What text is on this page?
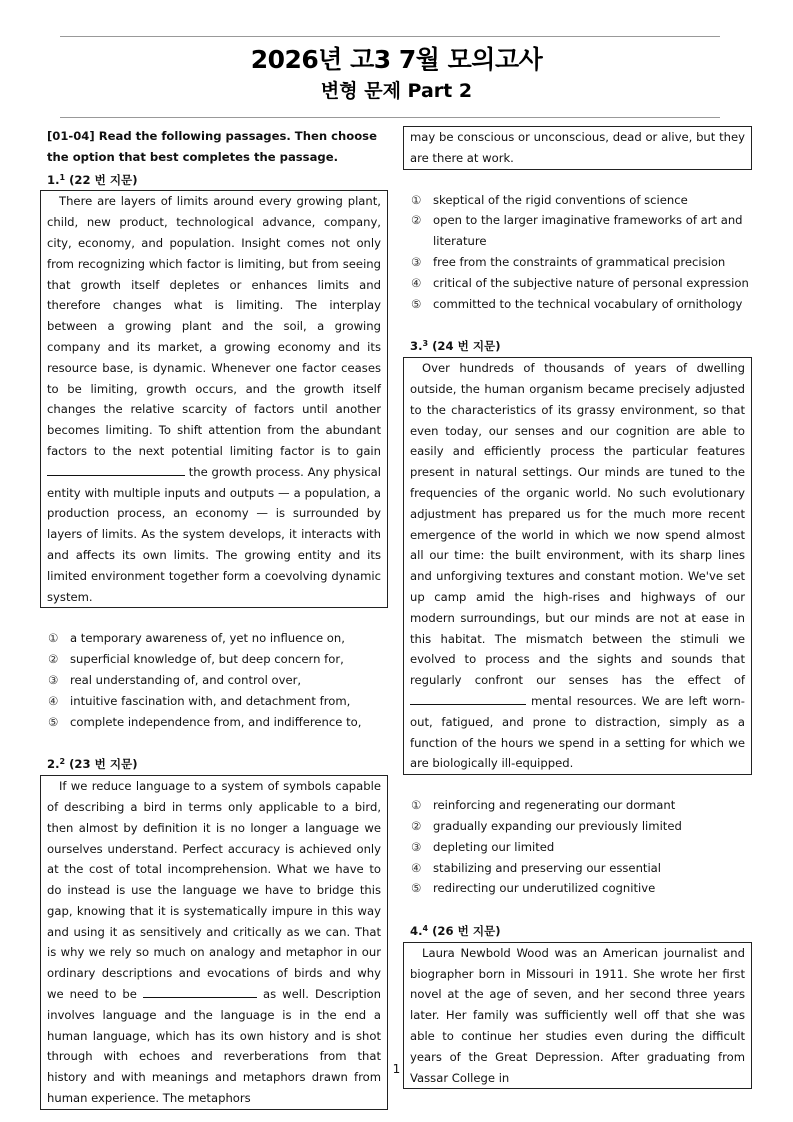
2026년 고3 7월 모의고사
변형 문제 Part 2
[01-04] Read the following passages. Then choose the option that best completes the passage.
1.$^1$ (22 번 지문)

There are layers of limits around every growing plant, child, new product, technological advance, company, city, economy, and population. Insight comes not only from recognizing which factor is limiting, but from seeing that growth itself depletes or enhances limits and therefore changes what is limiting. The interplay between a growing plant and the soil, a growing company and its market, a growing economy and its resource base, is dynamic. Whenever one factor ceases to be limiting, growth occurs, and the growth itself changes the relative scarcity of factors until another becomes limiting. To shift attention from the abundant factors to the next potential limiting factor is to gain  the growth process. Any physical entity with multiple inputs and outputs — a population, a production process, an economy — is surrounded by layers of limits. As the system develops, it interacts with and affects its own limits. The growing entity and its limited environment together form a coevolving dynamic system.

① a temporary awareness of, yet no influence on,
② superficial knowledge of, but deep concern for,
③ real understanding of, and control over,
④ intuitive fascination with, and detachment from,
⑤ complete independence from, and indifference to,
2.$^2$ (23 번 지문)

If we reduce language to a system of symbols capable of describing a bird in terms only applicable to a bird, then almost by definition it is no longer a language we ourselves understand. Perfect accuracy is achieved only at the cost of total incomprehension. What we have to do instead is use the language we have to bridge this gap, knowing that it is systematically impure in this way and using it as sensitively and critically as we can. That is why we rely so much on analogy and metaphor in our ordinary descriptions and evocations of birds and why we need to be	as well. Description involves language and the language is in the end a human language, which has its own history and is shot through with echoes and reverberations from that history and with meanings and metaphors drawn from human experience. The metaphors

may be conscious or unconscious, dead or alive, but they are there at work.

① skeptical of the rigid conventions of science
② open to the larger imaginative frameworks of art and literature
③ free from the constraints of grammatical precision
④ critical of the subjective nature of personal expression
⑤ committed to the technical vocabulary of ornithology
3.$^3$ (24 번 지문)

Over hundreds of thousands of years of dwelling outside, the human organism became precisely adjusted to the characteristics of its grassy environment, so that even today, our senses and our cognition are able to easily and efficiently process the particular features present in natural settings. Our minds are tuned to the frequencies of the organic world. No such evolutionary adjustment has prepared us for the much more recent emergence of the world in which we now spend almost all our time: the built environment, with its sharp lines and unforgiving textures and constant motion. We've set up camp amid the high-rises and highways of our modern surroundings, but our minds are not at ease in this habitat. The mismatch between the stimuli we evolved to process and the sights and sounds that regularly confront our senses has the effect of  mental resources. We are left worn-out, fatigued, and prone to distraction, simply as a function of the hours we spend in a setting for which we are biologically ill-equipped.

① reinforcing and regenerating our dormant
② gradually expanding our previously limited
③ depleting our limited
④ stabilizing and preserving our essential
⑤ redirecting our underutilized cognitive
4.$^4$ (26 번 지문)

Laura Newbold Wood was an American journalist and biographer born in Missouri in 1911. She wrote her first novel at the age of seven, and her second three years later. Her family was sufficiently well off that she was able to continue her studies even during the difficult years of the Great Depression. After graduating from Vassar College in

1
